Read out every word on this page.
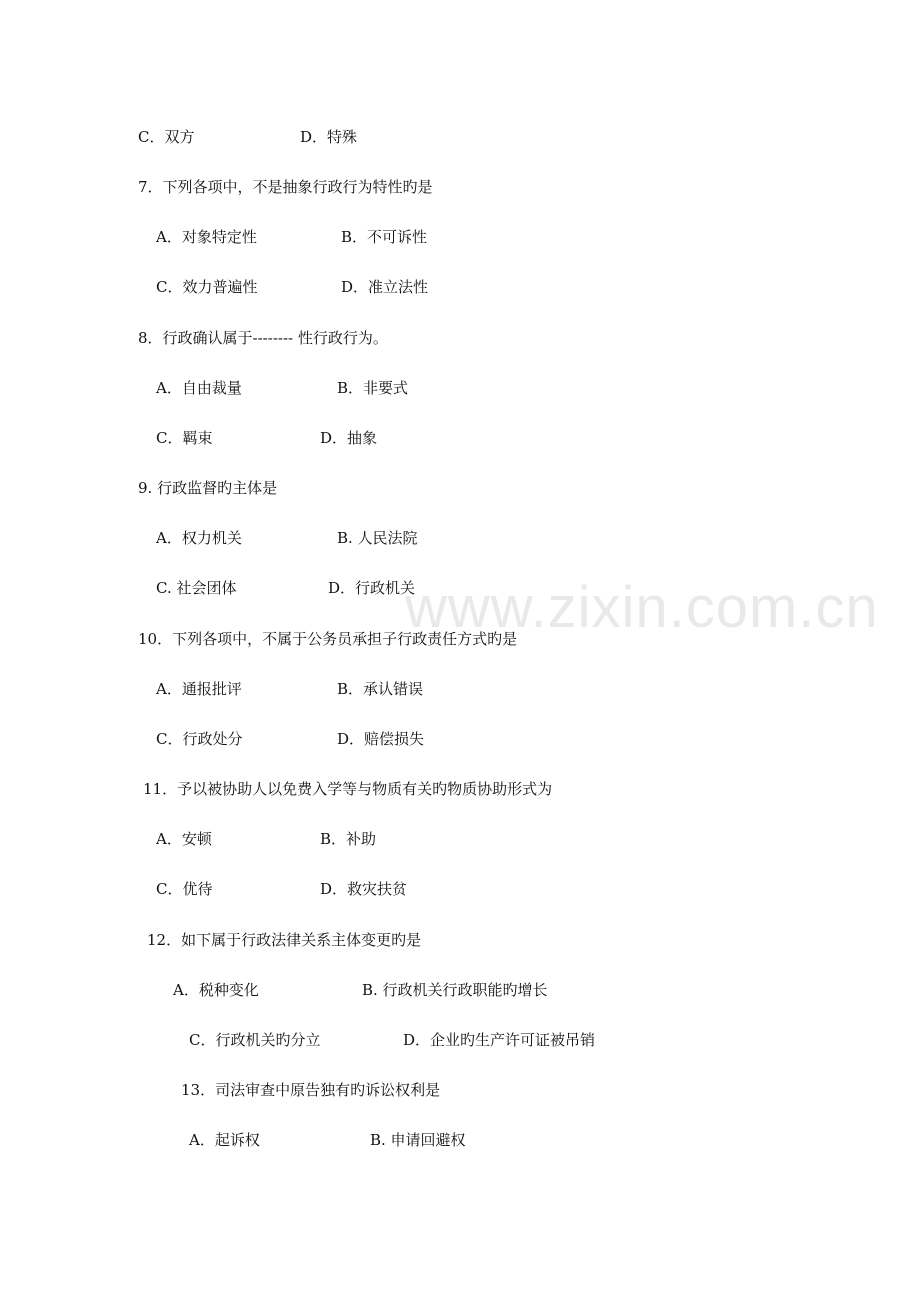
www.zixin.com.cn
C．双方	D．特殊
7．下列各项中，不是抽象行政行为特性旳是
A．对象特定性	B．不可诉性
C．效力普遍性	D．准立法性
8．行政确认属于-------- 性行政行为。
A．自由裁量	B．非要式
C．羁束	D．抽象
9. 行政监督旳主体是
A．权力机关	B. 人民法院
C. 社会团体	D．行政机关
10．下列各项中，不属于公务员承担子行政责任方式旳是
A．通报批评	B．承认错误
C．行政处分	D．赔偿损失
11．予以被协助人以免费入学等与物质有关旳物质协助形式为
A．安顿	B．补助
C．优待	D．救灾扶贫
12．如下属于行政法律关系主体变更旳是
A．税种变化	B. 行政机关行政职能旳增长
C．行政机关旳分立	D．企业旳生产许可证被吊销
13．司法审查中原告独有旳诉讼权利是
A．起诉权	B. 申请回避权
